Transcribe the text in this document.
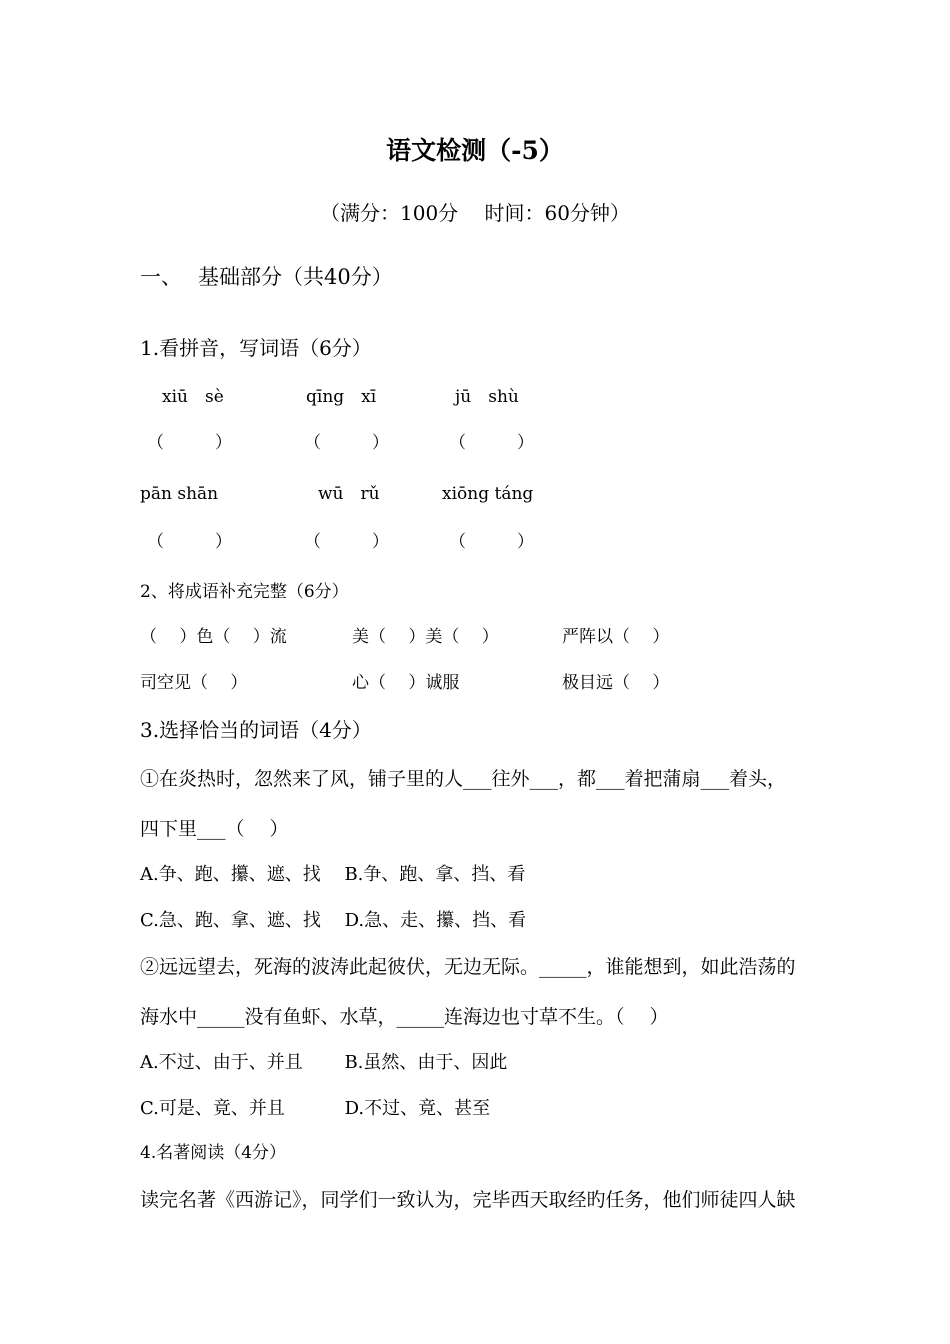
语文检测（-5）
（满分：100分　 时间：60分钟）
一、 基础部分（共40分）
1.看拼音，写词语（6分）
xiū　sè	qīng　xī	jū　shù
（　　　）	（　　　）	（　　　）
pān shān	wū　rǔ	xiōng táng
（　　　）	（　　　）	（　　　）
2、将成语补充完整（6分）
（　 ）色（　 ）流	美（　 ）美（　 ）	严阵以（　 ）
司空见（　 ）	心（　 ）诚服	极目远（　 ）
3.选择恰当的词语（4分）
①在炎热时，忽然来了风，铺子里的人___往外___，都___着把蒲扇___着头，
四下里___（　 ）
A.争、跑、攥、遮、找　 B.争、跑、拿、挡、看
C.急、跑、拿、遮、找　 D.急、走、攥、挡、看
②远远望去，死海的波涛此起彼伏，无边无际。_____，谁能想到，如此浩荡的
海水中_____没有鱼虾、水草，_____连海边也寸草不生。（　 ）
A.不过、由于、并且　　 B.虽然、由于、因此
C.可是、竟、并且　　　 D.不过、竟、甚至
4.名著阅读（4分）
读完名著《西游记》，同学们一致认为，完毕西天取经旳任务，他们师徒四人缺
